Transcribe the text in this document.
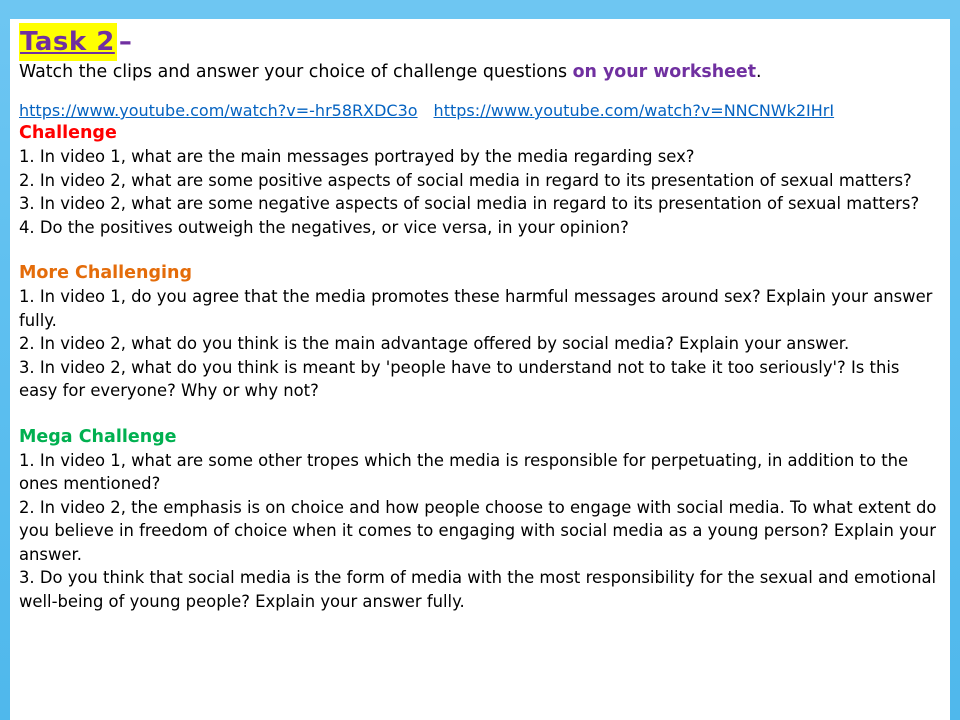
Task 2 –
Watch the clips and answer your choice of challenge questions on your worksheet.
https://www.youtube.com/watch?v=-hr58RXDC3o https://www.youtube.com/watch?v=NNCNWk2IHrI
Challenge

1. In video 1, what are the main messages portrayed by the media regarding sex?

2. In video 2, what are some positive aspects of social media in regard to its presentation of sexual matters?

3. In video 2, what are some negative aspects of social media in regard to its presentation of sexual matters?

4. Do the positives outweigh the negatives, or vice versa, in your opinion?

More Challenging

1. In video 1, do you agree that the media promotes these harmful messages around sex? Explain your answer fully.

2. In video 2, what do you think is the main advantage offered by social media? Explain your answer.

3. In video 2, what do you think is meant by 'people have to understand not to take it too seriously'? Is this easy for everyone? Why or why not?

Mega Challenge

1. In video 1, what are some other tropes which the media is responsible for perpetuating, in addition to the ones mentioned?

2. In video 2, the emphasis is on choice and how people choose to engage with social media. To what extent do you believe in freedom of choice when it comes to engaging with social media as a young person? Explain your answer.

3. Do you think that social media is the form of media with the most responsibility for the sexual and emotional well-being of young people? Explain your answer fully.
